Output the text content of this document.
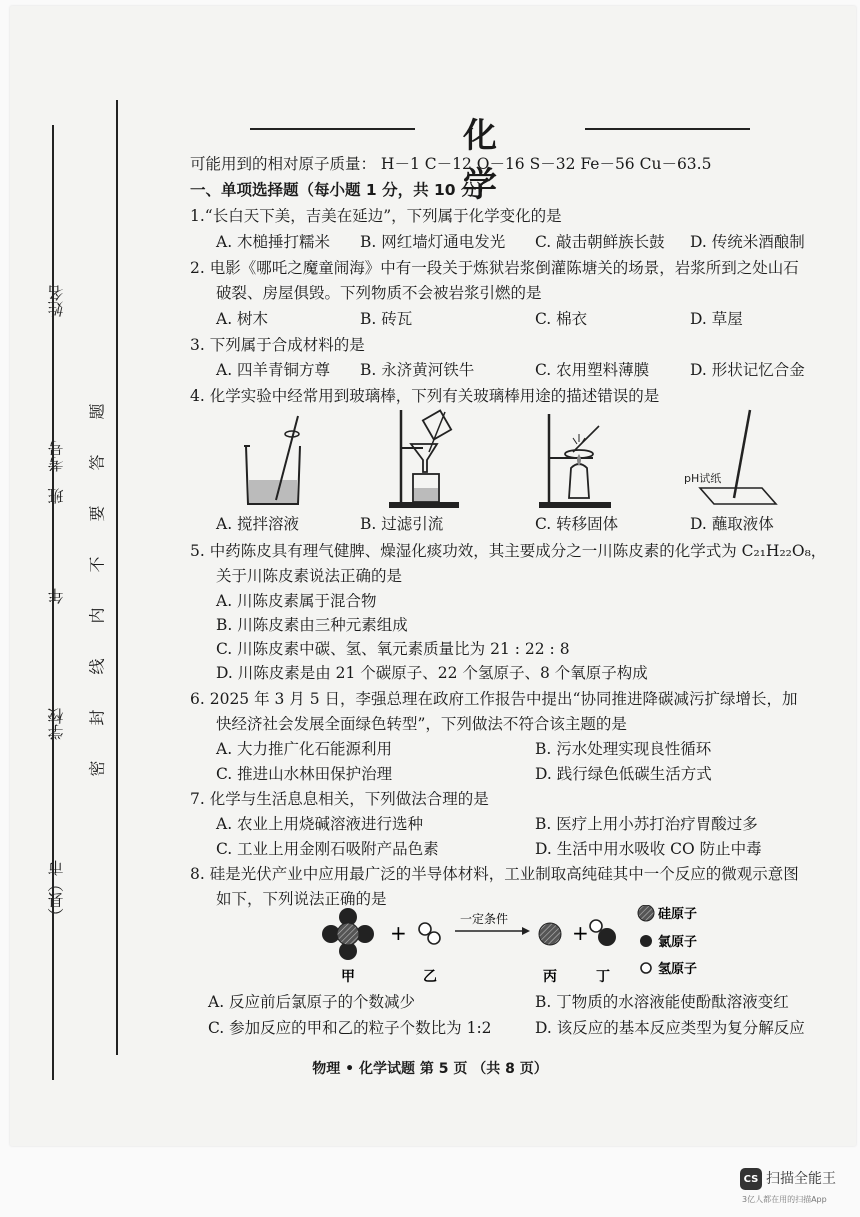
姓名
考号
班
年
学校
（县）市
题
答
要
不
内
线
封
密
化 学
可能用到的相对原子质量： H－1 C－12 O－16 S－32 Fe－56 Cu－63.5
一、单项选择题（每小题 1 分，共 10 分）
1.“长白天下美，吉美在延边”，下列属于化学变化的是
A. 木槌捶打糯米 B. 网红墙灯通电发光 C. 敲击朝鲜族长鼓 D. 传统米酒酿制
2. 电影《哪吒之魔童闹海》中有一段关于炼狱岩浆倒灌陈塘关的场景，岩浆所到之处山石
破裂、房屋俱毁。下列物质不会被岩浆引燃的是
A. 树木	B. 砖瓦	C. 棉衣	D. 草屋
3. 下列属于合成材料的是
A. 四羊青铜方尊 B. 永济黄河铁牛	C. 农用塑料薄膜	D. 形状记忆合金
4. 化学实验中经常用到玻璃棒，下列有关玻璃棒用途的描述错误的是
pH试纸
A. 搅拌溶液	B. 过滤引流	C. 转移固体	D. 蘸取液体
5. 中药陈皮具有理气健脾、燥湿化痰功效，其主要成分之一川陈皮素的化学式为 C₂₁H₂₂O₈，
关于川陈皮素说法正确的是
A. 川陈皮素属于混合物
B. 川陈皮素由三种元素组成
C. 川陈皮素中碳、氢、氧元素质量比为 21 : 22 : 8
D. 川陈皮素是由 21 个碳原子、22 个氢原子、8 个氧原子构成
6. 2025 年 3 月 5 日，李强总理在政府工作报告中提出“协同推进降碳减污扩绿增长，加
快经济社会发展全面绿色转型”，下列做法不符合该主题的是
A. 大力推广化石能源利用	B. 污水处理实现良性循环
C. 推进山水林田保护治理	D. 践行绿色低碳生活方式
7. 化学与生活息息相关，下列做法合理的是
A. 农业上用烧碱溶液进行选种	B. 医疗上用小苏打治疗胃酸过多
C. 工业上用金刚石吸附产品色素	D. 生活中用水吸收 CO 防止中毒
8. 硅是光伏产业中应用最广泛的半导体材料，工业制取高纯硅其中一个反应的微观示意图
如下，下列说法正确的是
+
一定条件
+
甲	乙	丙	丁
硅原子
氯原子
氢原子
A. 反应前后氯原子的个数减少	B. 丁物质的水溶液能使酚酞溶液变红
C. 参加反应的甲和乙的粒子个数比为 1:2	D. 该反应的基本反应类型为复分解反应
物理 • 化学试题 第 5 页 （共 8 页）
CS 扫描全能王
3亿人都在用的扫描App
